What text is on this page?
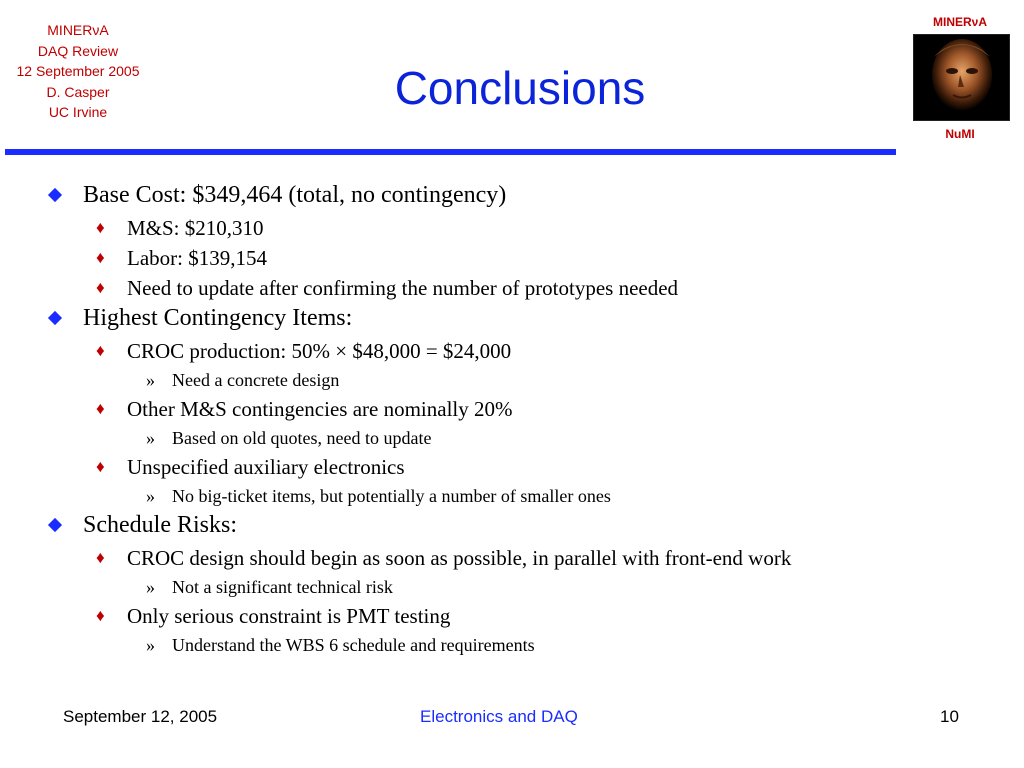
MINERνA
DAQ Review
12 September 2005
D. Casper
UC Irvine	Conclusions
MINERνA
NuMI
Base Cost: $349,464 (total, no contingency)
♦ M&S: $210,310
♦ Labor: $139,154
♦ Need to update after confirming the number of prototypes needed
Highest Contingency Items:
♦ CROC production: 50% × $48,000 = $24,000
» Need a concrete design
♦ Other M&S contingencies are nominally 20%
» Based on old quotes, need to update
♦ Unspecified auxiliary electronics
» No big-ticket items, but potentially a number of smaller ones
Schedule Risks:
♦ CROC design should begin as soon as possible, in parallel with front-end work
» Not a significant technical risk
♦ Only serious constraint is PMT testing
» Understand the WBS 6 schedule and requirements
September 12, 2005	Electronics and DAQ	10
